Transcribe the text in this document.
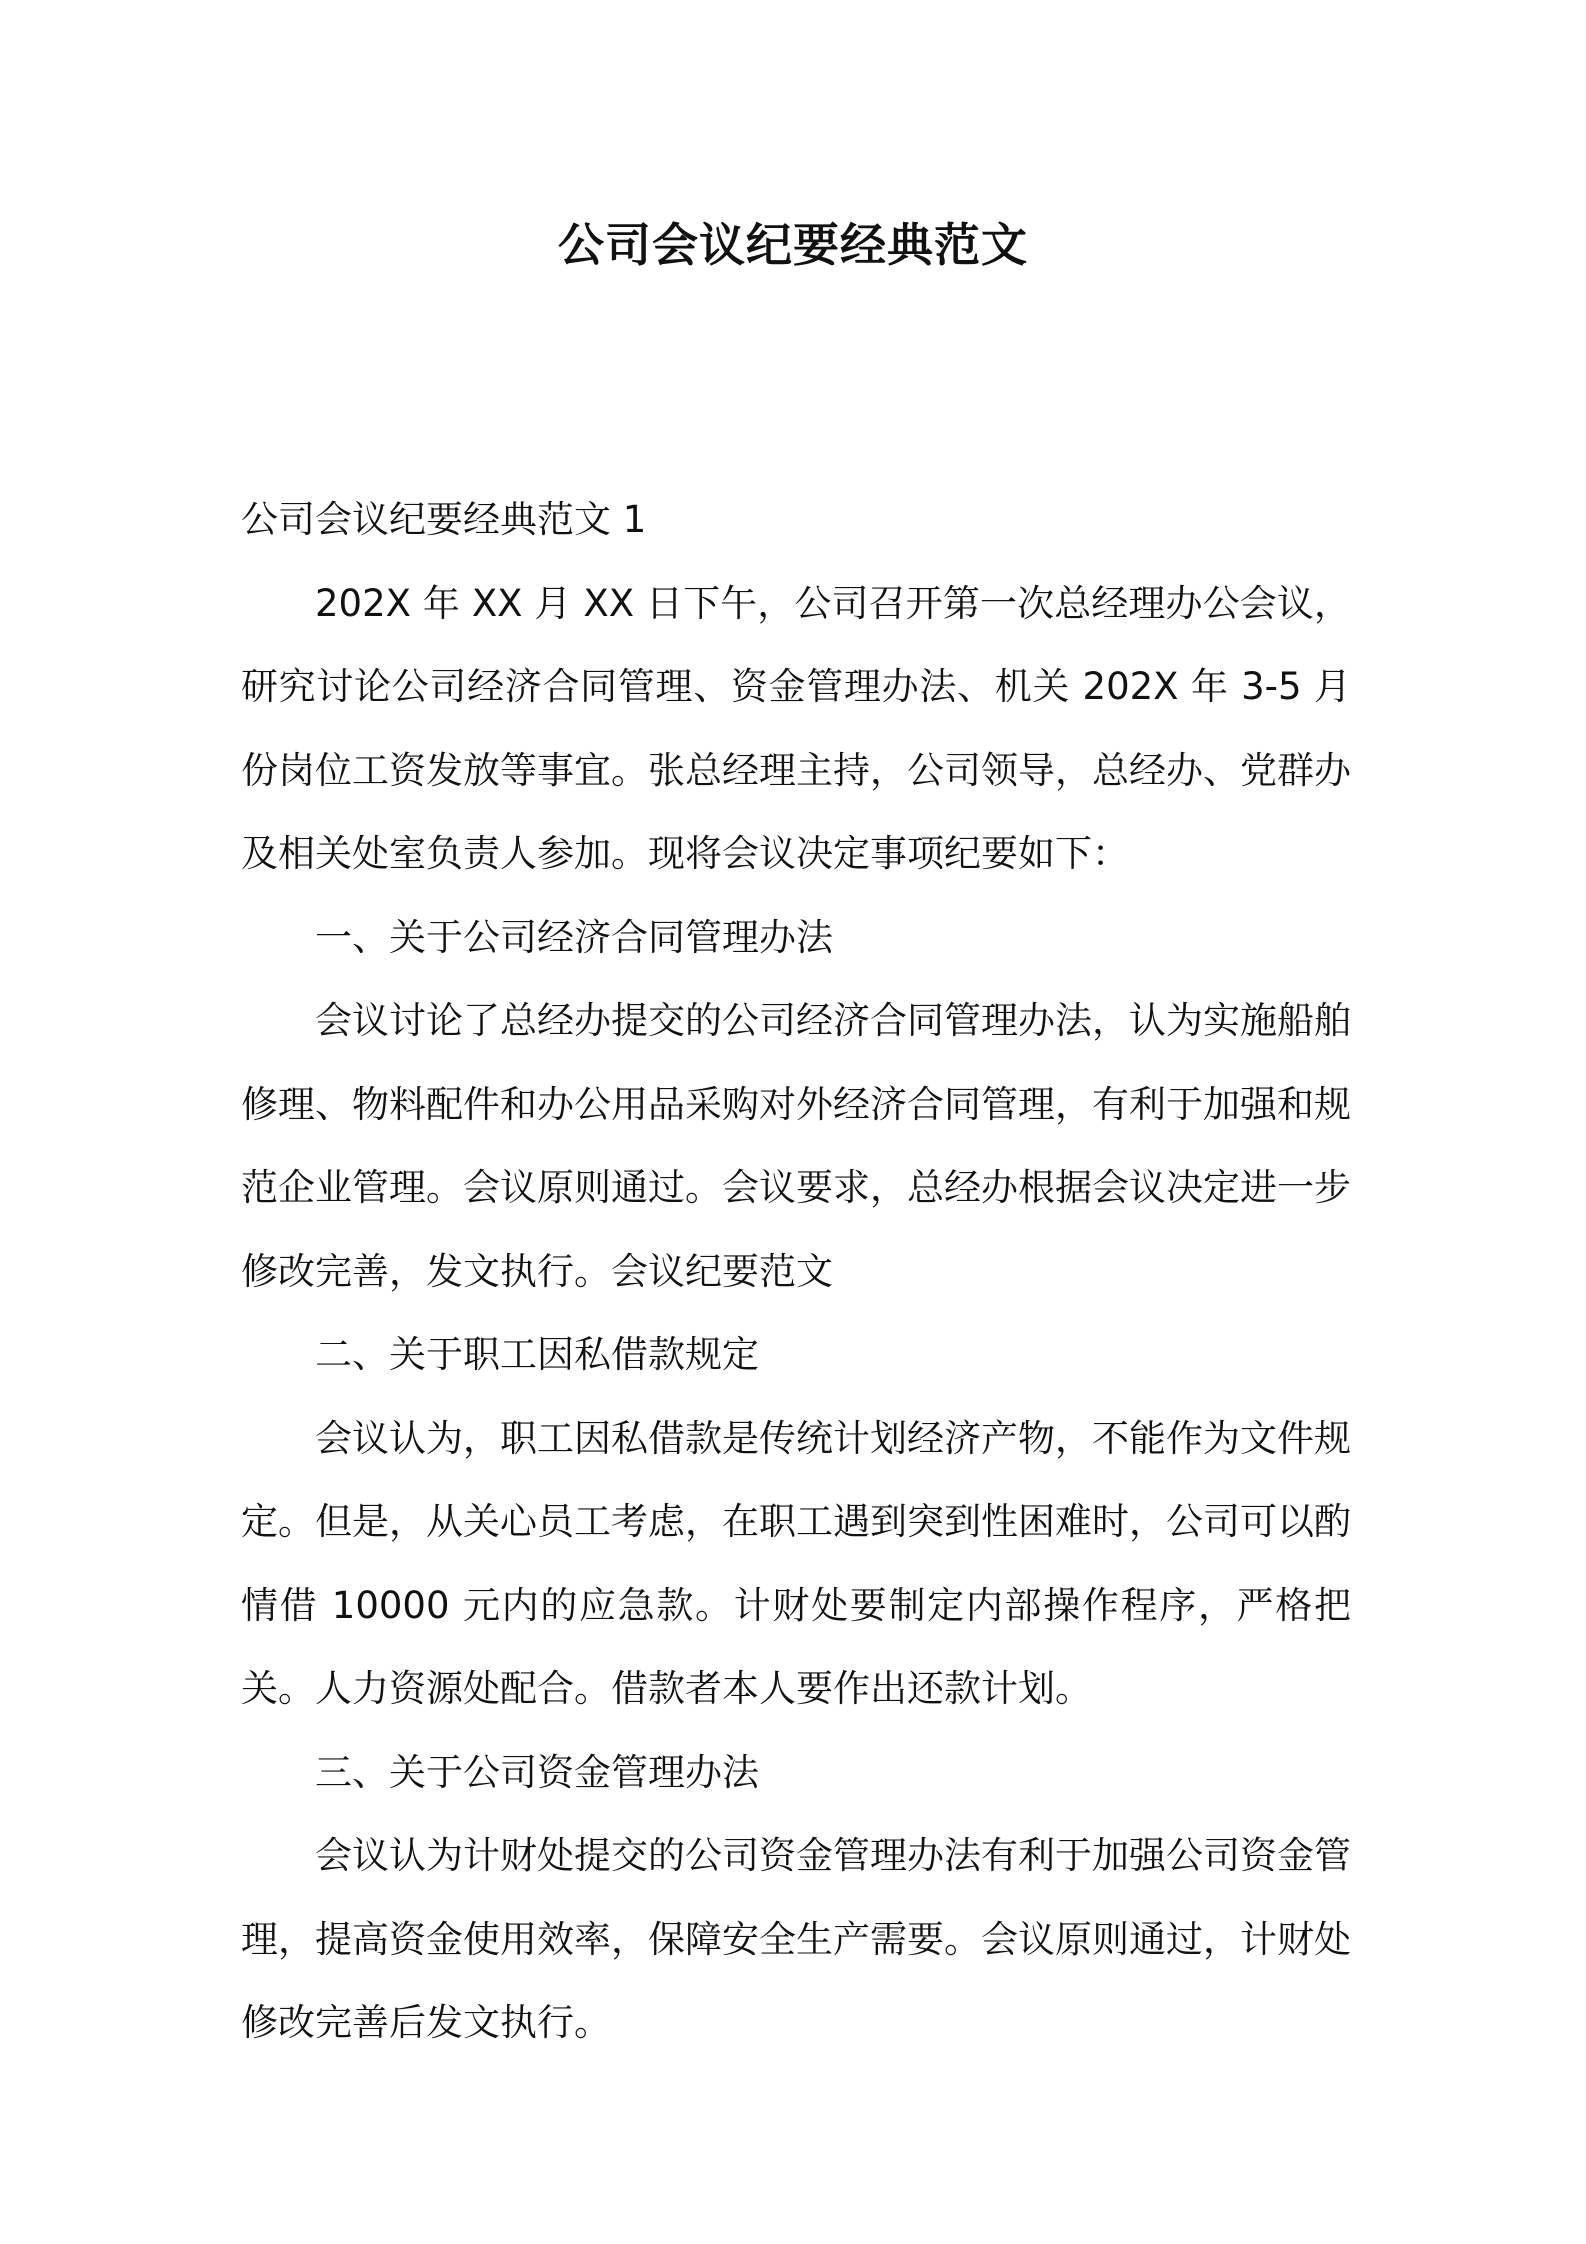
公司会议纪要经典范文

公司会议纪要经典范文 1

202X 年 XX 月 XX 日下午，公司召开第一次总经理办公会议，研究讨论公司经济合同管理、资金管理办法、机关 202X 年 3-5 月份岗位工资发放等事宜。张总经理主持，公司领导，总经办、党群办及相关处室负责人参加。现将会议决定事项纪要如下：

一、关于公司经济合同管理办法

会议讨论了总经办提交的公司经济合同管理办法，认为实施船舶修理、物料配件和办公用品采购对外经济合同管理，有利于加强和规范企业管理。会议原则通过。会议要求，总经办根据会议决定进一步修改完善，发文执行。会议纪要范文

二、关于职工因私借款规定

会议认为，职工因私借款是传统计划经济产物，不能作为文件规定。但是，从关心员工考虑，在职工遇到突到性困难时，公司可以酌情借 10000 元内的应急款。计财处要制定内部操作程序，严格把关。人力资源处配合。借款者本人要作出还款计划。

三、关于公司资金管理办法

会议认为计财处提交的公司资金管理办法有利于加强公司资金管理，提高资金使用效率，保障安全生产需要。会议原则通过，计财处修改完善后发文执行。
